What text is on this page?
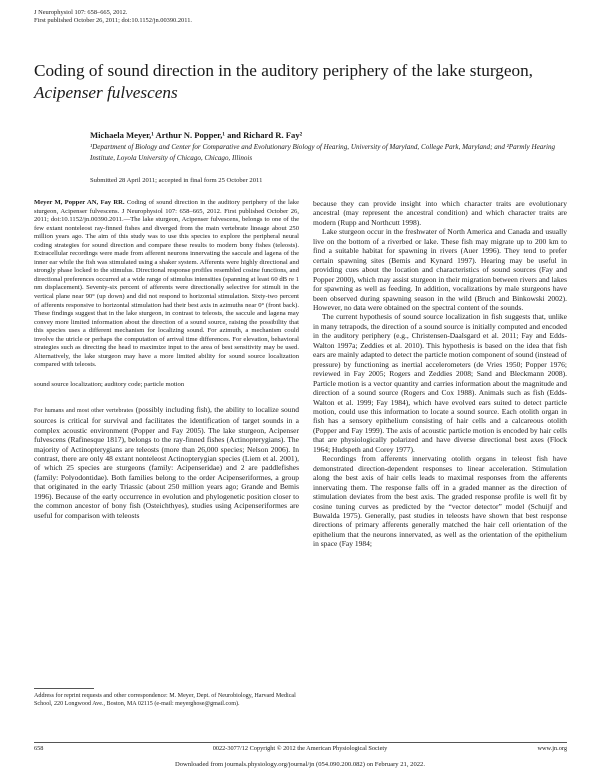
J Neurophysiol 107: 658–665, 2012.
First published October 26, 2011; doi:10.1152/jn.00390.2011.
Coding of sound direction in the auditory periphery of the lake sturgeon,
Acipenser fulvescens
Michaela Meyer,¹ Arthur N. Popper,¹ and Richard R. Fay²
¹Department of Biology and Center for Comparative and Evolutionary Biology of Hearing, University of Maryland, College Park, Maryland; and ²Parmly Hearing Institute, Loyola University of Chicago, Chicago, Illinois
Submitted 28 April 2011; accepted in final form 25 October 2011

Meyer M, Popper AN, Fay RR. Coding of sound direction in the auditory periphery of the lake sturgeon, Acipenser fulvescens. J Neurophysiol 107: 658–665, 2012. First published October 26, 2011; doi:10.1152/jn.00390.2011.—The lake sturgeon, Acipenser fulvescens, belongs to one of the few extant nonteleost ray-finned fishes and diverged from the main vertebrate lineage about 250 million years ago. The aim of this study was to use this species to explore the peripheral neural coding strategies for sound direction and compare these results to modern bony fishes (teleosts). Extracellular recordings were made from afferent neurons innervating the saccule and lagena of the inner ear while the fish was stimulated using a shaker system. Afferents were highly directional and strongly phase locked to the stimulus. Directional response profiles resembled cosine functions, and directional preferences occurred at a wide range of stimulus intensities (spanning at least 60 dB re 1 nm displacement). Seventy-six percent of afferents were directionally selective for stimuli in the vertical plane near 90° (up down) and did not respond to horizontal stimulation. Sixty-two percent of afferents responsive to horizontal stimulation had their best axis in azimuths near 0° (front back). These findings suggest that in the lake sturgeon, in contrast to teleosts, the saccule and lagena may convey more limited information about the direction of a sound source, raising the possibility that this species uses a different mechanism for localizing sound. For azimuth, a mechanism could involve the utricle or perhaps the computation of arrival time differences. For elevation, behavioral strategies such as directing the head to maximize input to the area of best sensitivity may be used. Alternatively, the lake sturgeon may have a more limited ability for sound source localization compared with teleosts.

sound source localization; auditory code; particle motion

For humans and most other vertebrates (possibly including fish), the ability to localize sound sources is critical for survival and facilitates the identification of target sounds in a complex acoustic environment (Popper and Fay 2005). The lake sturgeon, Acipenser fulvescens (Rafinesque 1817), belongs to the ray-finned fishes (Actinopterygians). The majority of Actinopterygians are teleosts (more than 26,000 species; Nelson 2006). In contrast, there are only 48 extant nonteleost Actinopterygian species (Liem et al. 2001), of which 25 species are sturgeons (family: Acipenseridae) and 2 are paddlefishes (family: Polyodontidae). Both families belong to the order Acipenseriformes, a group that originated in the early Triassic (about 250 million years ago; Grande and Bemis 1996). Because of the early occurrence in evolution and phylogenetic position closer to the common ancestor of bony fish (Osteichthyes), studies using Acipenseriformes are useful for comparison with teleosts

because they can provide insight into which character traits are evolutionary ancestral (may represent the ancestral condition) and which character traits are modern (Rupp and Northcutt 1998).

Lake sturgeon occur in the freshwater of North America and Canada and usually live on the bottom of a riverbed or lake. These fish may migrate up to 200 km to find a suitable habitat for spawning in rivers (Auer 1996). They tend to prefer certain spawning sites (Bemis and Kynard 1997). Hearing may be useful in providing cues about the location and characteristics of sound sources (Fay and Popper 2000), which may assist sturgeon in their migration between rivers and lakes for spawning as well as feeding. In addition, vocalizations by male sturgeons have been observed during spawning season in the wild (Bruch and Binkowski 2002). However, no data were obtained on the spectral content of the sounds.

The current hypothesis of sound source localization in fish suggests that, unlike in many tetrapods, the direction of a sound source is initially computed and encoded in the auditory periphery (e.g., Christensen-Daalsgard et al. 2011; Fay and Edds-Walton 1997a; Zeddies et al. 2010). This hypothesis is based on the idea that fish ears are mainly adapted to detect the particle motion component of sound (instead of pressure) by functioning as inertial accelerometers (de Vries 1950; Popper 1976; reviewed in Fay 2005; Rogers and Zeddies 2008; Sand and Bleckmann 2008). Particle motion is a vector quantity and carries information about the magnitude and direction of a sound source (Rogers and Cox 1988). Animals such as fish (Edds-Walton et al. 1999; Fay 1984), which have evolved ears suited to detect particle motion, could use this information to locate a sound source. Each otolith organ in fish has a sensory epithelium consisting of hair cells and a calcareous otolith (Popper and Fay 1999). The axis of acoustic particle motion is encoded by hair cells that are physiologically polarized and have diverse directional best axes (Flock 1964; Hudspeth and Corey 1977).

Recordings from afferents innervating otolith organs in teleost fish have demonstrated direction-dependent responses to linear acceleration. Stimulation along the best axis of hair cells leads to maximal responses from the afferents innervating them. The response falls off in a graded manner as the direction of stimulation deviates from the best axis. The graded response profile is well fit by cosine tuning curves as predicted by the “vector detector” model (Schuijf and Buwalda 1975). Generally, past studies in teleosts have shown that best response directions of primary afferents generally matched the hair cell orientation of the epithelium that the neurons innervated, as well as the orientation of the epithelium in space (Fay 1984;

Address for reprint requests and other correspondence: M. Meyer, Dept. of Neurobiology, Harvard Medical School, 220 Longwood Ave., Boston, MA 02115 (e-mail: meyerghose@gmail.com).
658	0022-3077/12 Copyright © 2012 the American Physiological Society	www.jn.org
Downloaded from journals.physiology.org/journal/jn (054.090.200.082) on February 21, 2022.
